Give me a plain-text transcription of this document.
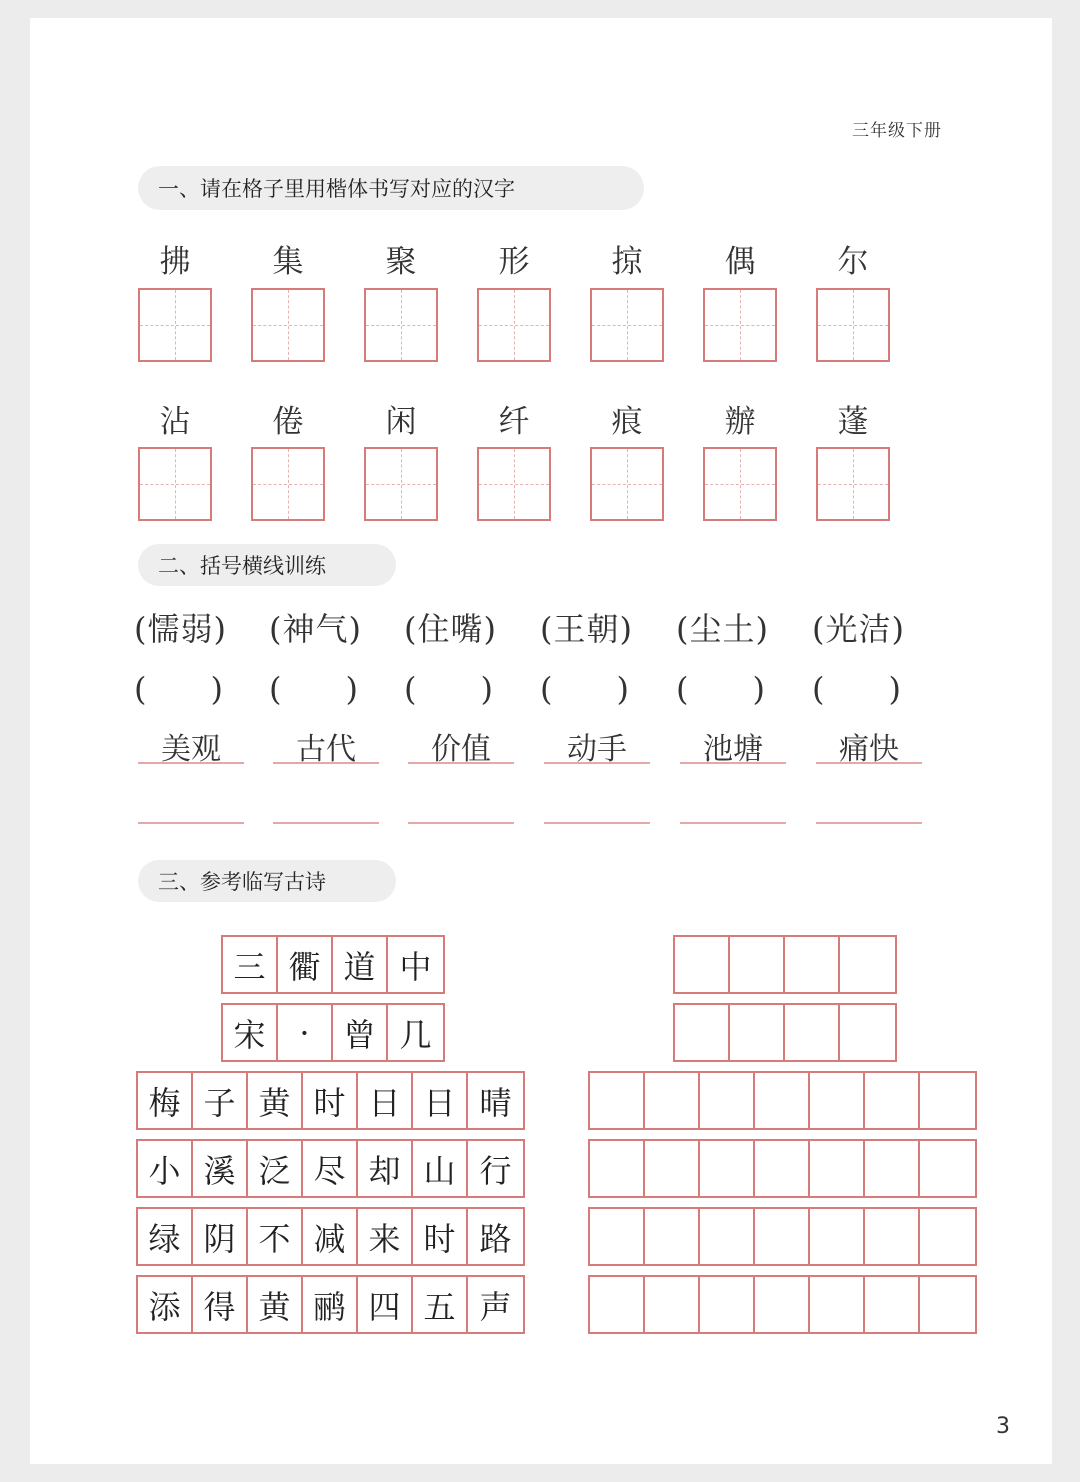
三年级下册
一、请在格子里用楷体书写对应的汉字
拂	集	聚	形	掠	偶	尔
沾	倦	闲	纤	痕	辦	蓬
二、括号横线训练
(懦弱)
(　　)
(神气)
(　　)
(住嘴)
(　　)
(王朝)
(　　)
(尘土)
(　　)
(光洁)
(　　)
美观	古代	价值	动手	池塘	痛快
三、参考临写古诗
三 衢 道 中
宋	·	曾 几
梅 子 黄 时 日 日 晴
小 溪 泛 尽 却 山 行
绿 阴 不 减 来 时 路
添 得 黄 鹂 四 五 声
3
